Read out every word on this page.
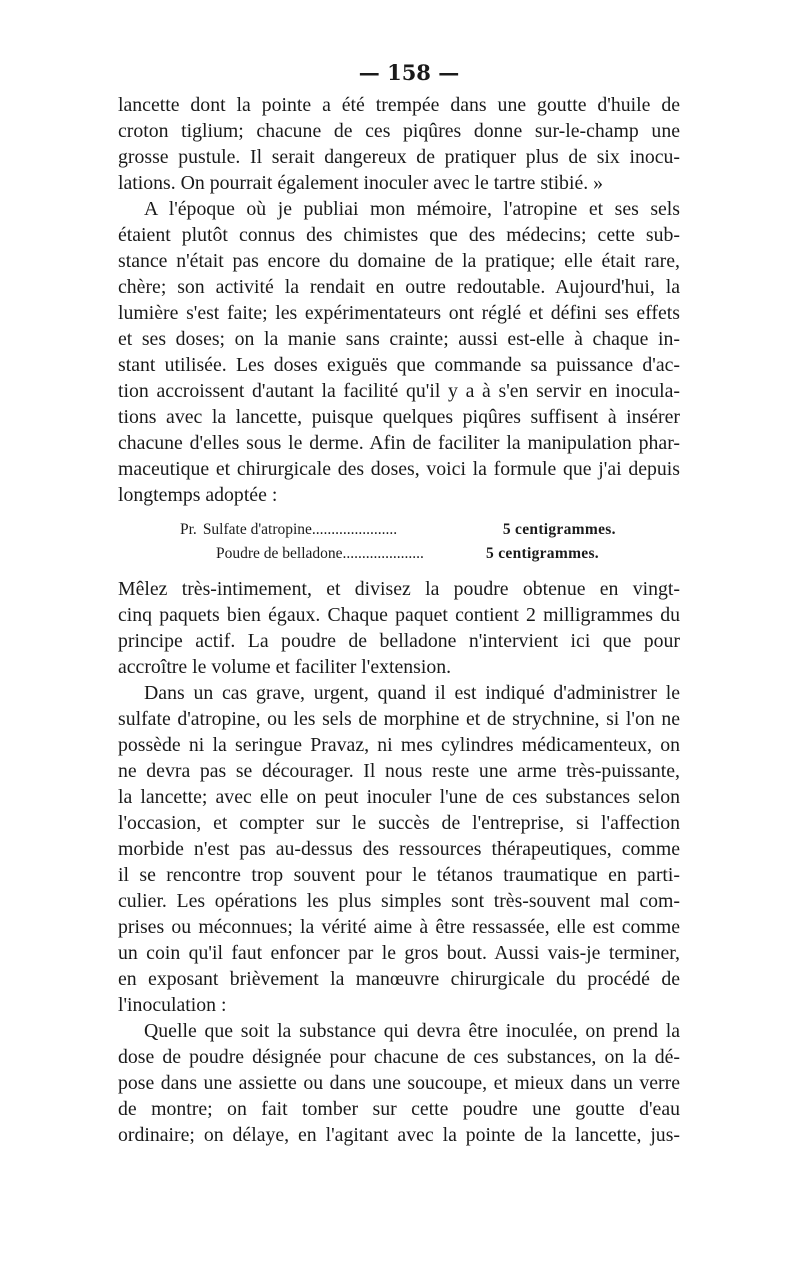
— 158 —

lancette dont la pointe a été trempée dans une goutte d'huile de
croton tiglium; chacune de ces piqûres donne sur-le-champ une
grosse pustule. Il serait dangereux de pratiquer plus de six inocu-
lations. On pourrait également inoculer avec le tartre stibié. »

A l'époque où je publiai mon mémoire, l'atropine et ses sels
étaient plutôt connus des chimistes que des médecins; cette sub-
stance n'était pas encore du domaine de la pratique; elle était rare,
chère; son activité la rendait en outre redoutable. Aujourd'hui, la
lumière s'est faite; les expérimentateurs ont réglé et défini ses effets
et ses doses; on la manie sans crainte; aussi est-elle à chaque in-
stant utilisée. Les doses exiguës que commande sa puissance d'ac-
tion accroissent d'autant la facilité qu'il y a à s'en servir en inocula-
tions avec la lancette, puisque quelques piqûres suffisent à insérer
chacune d'elles sous le derme. Afin de faciliter la manipulation phar-
maceutique et chirurgicale des doses, voici la formule que j'ai depuis
longtemps adoptée :

Pr. Sulfate d'atropine......................	5 centigrammes.
Poudre de belladone.....................	5 centigrammes.

Mêlez très-intimement, et divisez la poudre obtenue en vingt-
cinq paquets bien égaux. Chaque paquet contient 2 milligrammes du
principe actif. La poudre de belladone n'intervient ici que pour
accroître le volume et faciliter l'extension.

Dans un cas grave, urgent, quand il est indiqué d'administrer le
sulfate d'atropine, ou les sels de morphine et de strychnine, si l'on ne
possède ni la seringue Pravaz, ni mes cylindres médicamenteux, on
ne devra pas se décourager. Il nous reste une arme très-puissante,
la lancette; avec elle on peut inoculer l'une de ces substances selon
l'occasion, et compter sur le succès de l'entreprise, si l'affection
morbide n'est pas au-dessus des ressources thérapeutiques, comme
il se rencontre trop souvent pour le tétanos traumatique en parti-
culier. Les opérations les plus simples sont très-souvent mal com-
prises ou méconnues; la vérité aime à être ressassée, elle est comme
un coin qu'il faut enfoncer par le gros bout. Aussi vais-je terminer,
en exposant brièvement la manœuvre chirurgicale du procédé de
l'inoculation :

Quelle que soit la substance qui devra être inoculée, on prend la
dose de poudre désignée pour chacune de ces substances, on la dé-
pose dans une assiette ou dans une soucoupe, et mieux dans un verre
de montre; on fait tomber sur cette poudre une goutte d'eau
ordinaire; on délaye, en l'agitant avec la pointe de la lancette, jus-
